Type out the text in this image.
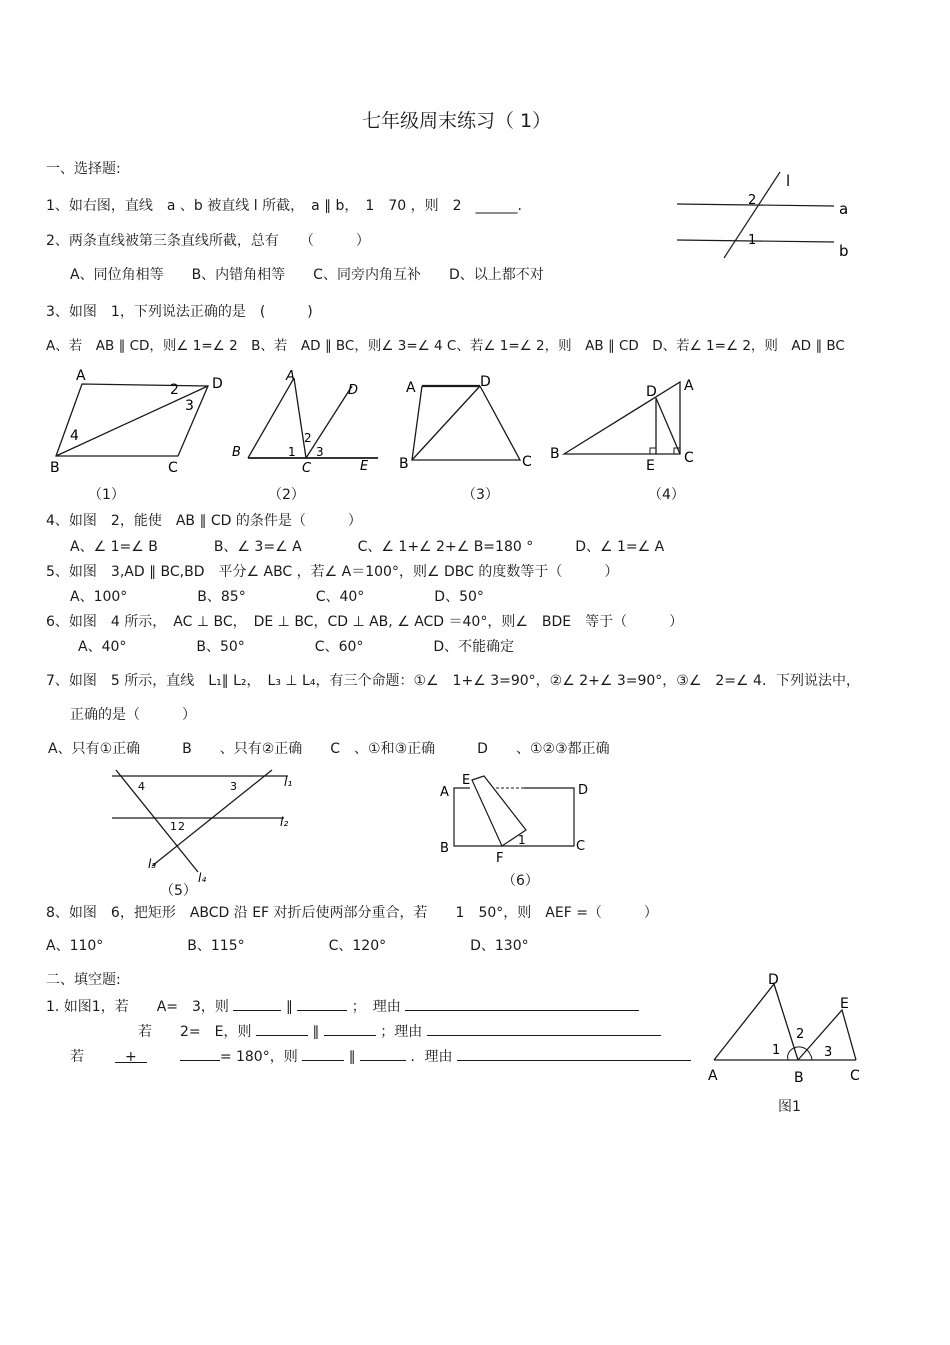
七年级周末练习（ 1）
一、选择题:
1、如右图，直线　a 、b 被直线 l 所截，　a ∥ b，　1　70 ，则　2　______.
l
a
b
2
1
2、两条直线被第三条直线所截，总有　　（　　　）
A、同位角相等　　B、内错角相等　　C、同旁内角互补　　D、以上都不对
3、如图　1，下列说法正确的是　(　　　)
A、若　AB ∥ CD，则∠ 1=∠ 2　B、若　AD ∥ BC，则∠ 3=∠ 4 C、若∠ 1=∠ 2，则　AB ∥ CD　D、若∠ 1=∠ 2，则　AD ∥ BC
A	D
B	C
2
3
4
A
D
B
C	E
1
2
3
A	D
B	C
A
D
B	C
E
（1）	（2）	（3）	（4）
4、如图　2，能使　AB ∥ CD 的条件是（　　　）
A、∠ 1=∠ B　　　　B、∠ 3=∠ A　　　　C、∠ 1+∠ 2+∠ B=180 °　　　D、∠ 1=∠ A
5、如图　3,AD ∥ BC,BD　平分∠ ABC ，若∠ A＝100°，则∠ DBC 的度数等于（　　　）
A、100°　　　　　B、85°　　　　　C、40°　　　　　D、50°
6、如图　4 所示，　AC ⊥ BC，　DE ⊥ BC，CD ⊥ AB, ∠ ACD ＝40°，则∠　BDE　等于（　　　）
A、40°　　　　　B、50°　　　　　C、60°　　　　　D、不能确定
7、如图　5 所示，直线　L₁∥ L₂，　L₃ ⊥ L₄，有三个命题：①∠　1+∠ 3=90°，②∠ 2+∠ 3=90°，③∠　2=∠ 4．下列说法中，
正确的是（　　　）
A、只有①正确　　　B　　、只有②正确　　C　、①和③正确　　　D　　、①②③都正确
4	3
1 2
l₁
l₂
l₃
l₄
（5）
A
E
D
B	C
F
1
（6）
8、如图　6，把矩形　ABCD 沿 EF 对折后使两部分重合，若　　1　50°，则　AEF =（　　　）
A、110°　　　　　　B、115°　　　　　　C、120°　　　　　　D、130°
二、填空题:
1. 如图1，若　　A=　3，则	∥	；　理由
若　　2=　E，则	∥	；理由
若	+	= 180°，则	∥	．理由
D
E
A	B	C
1
2
3
图1
